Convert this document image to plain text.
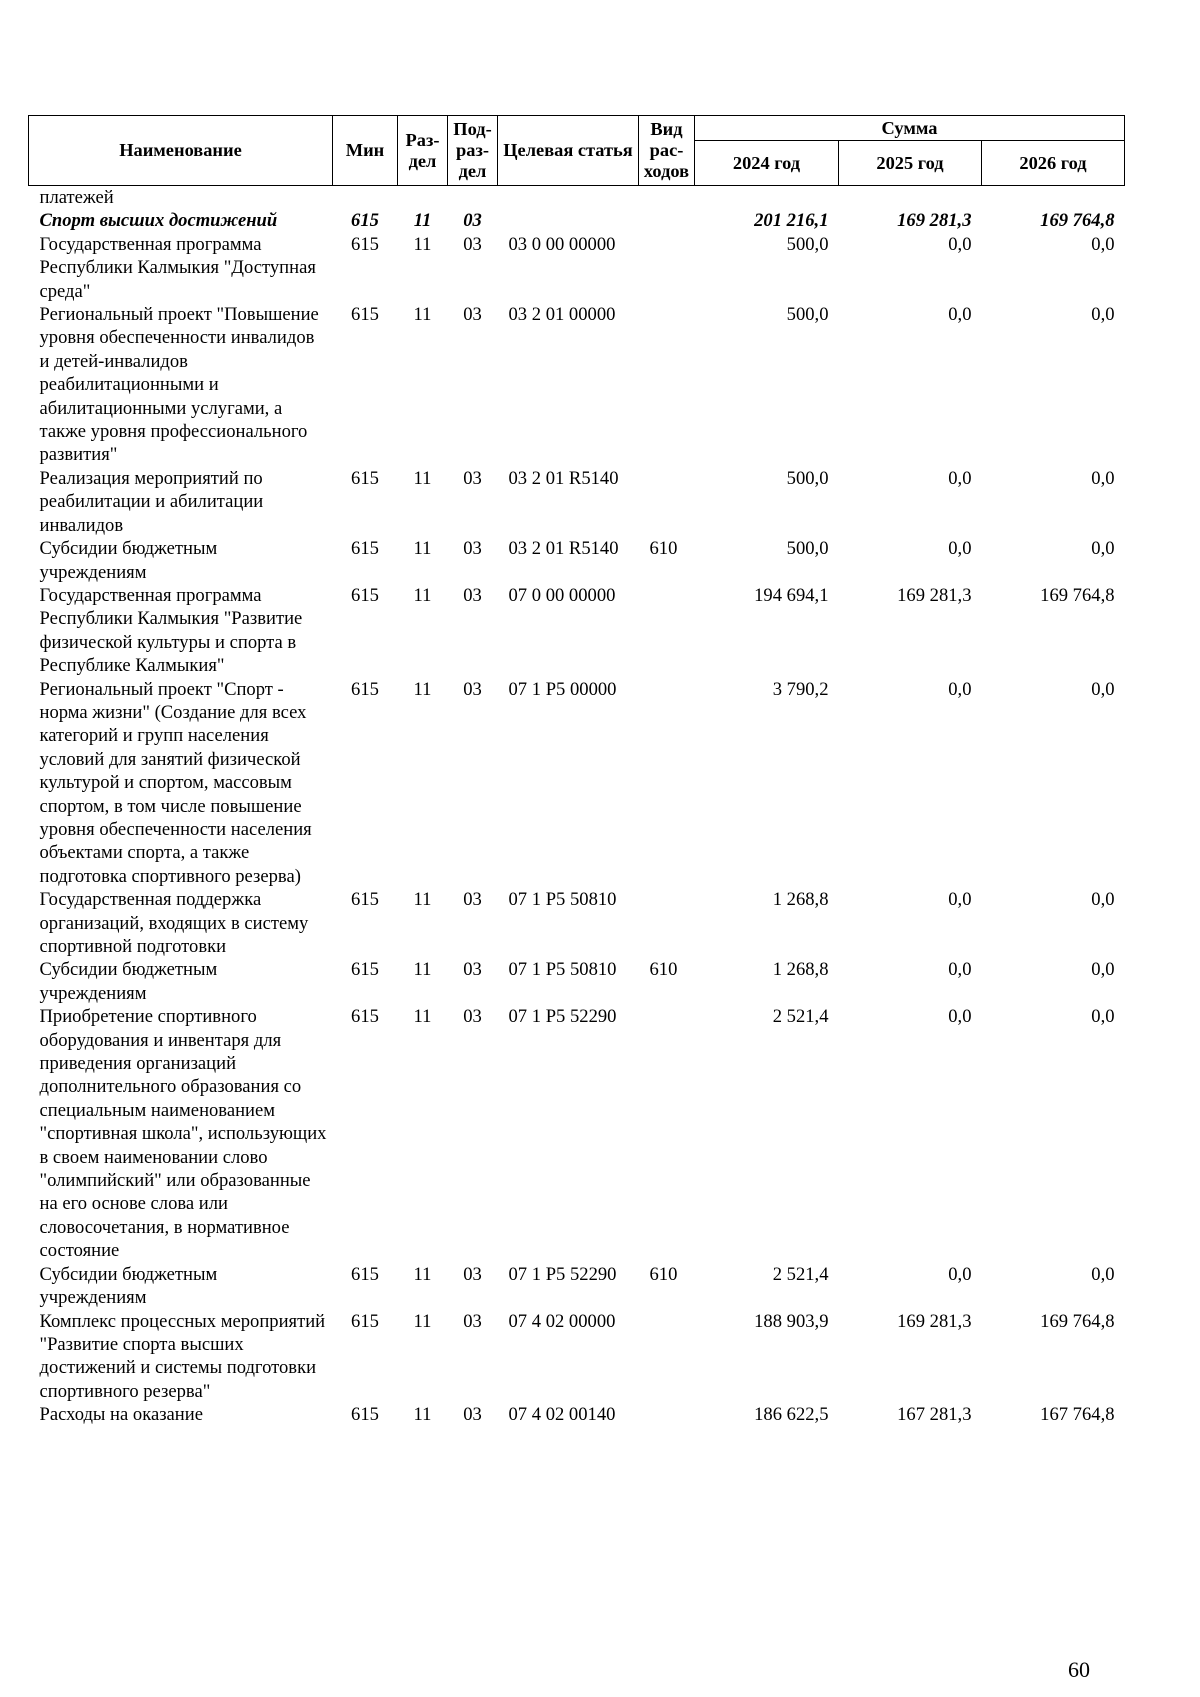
Наименование	Мин	Раз-дел	Под-раз-дел	Целевая статья	Вид рас-ходов	Сумма		
						2024 год	2025 год	2026 год
платежей								
Спорт высших достижений	615	11	03			201 216,1	169 281,3	169 764,8
Государственная программа Республики Калмыкия "Доступная среда"	615	11	03	03 0 00 00000		500,0	0,0	0,0
Региональный проект "Повышение уровня обеспеченности инвалидов и детей-инвалидов реабилитационными и абилитационными услугами, а также уровня профессионального развития"	615	11	03	03 2 01 00000		500,0	0,0	0,0
Реализация мероприятий по реабилитации и абилитации инвалидов	615	11	03	03 2 01 R5140		500,0	0,0	0,0
Субсидии бюджетным учреждениям	615	11	03	03 2 01 R5140	610	500,0	0,0	0,0
Государственная программа Республики Калмыкия "Развитие физической культуры и спорта в Республике Калмыкия"	615	11	03	07 0 00 00000		194 694,1	169 281,3	169 764,8
Региональный проект "Спорт - норма жизни" (Создание для всех категорий и групп населения условий для занятий физической культурой и спортом, массовым спортом, в том числе повышение уровня обеспеченности населения объектами спорта, а также подготовка спортивного резерва)	615	11	03	07 1 P5 00000		3 790,2	0,0	0,0
Государственная поддержка организаций, входящих в систему спортивной подготовки	615	11	03	07 1 P5 50810		1 268,8	0,0	0,0
Субсидии бюджетным учреждениям	615	11	03	07 1 P5 50810	610	1 268,8	0,0	0,0
Приобретение спортивного оборудования и инвентаря для приведения организаций дополнительного образования со специальным наименованием "спортивная школа", использующих в своем наименовании слово "олимпийский" или образованные на его основе слова или словосочетания, в нормативное состояние	615	11	03	07 1 P5 52290		2 521,4	0,0	0,0
Субсидии бюджетным учреждениям	615	11	03	07 1 P5 52290	610	2 521,4	0,0	0,0
Комплекс процессных мероприятий "Развитие спорта высших достижений и системы подготовки спортивного резерва"	615	11	03	07 4 02 00000		188 903,9	169 281,3	169 764,8
Расходы на оказание	615	11	03	07 4 02 00140		186 622,5	167 281,3	167 764,8
60
